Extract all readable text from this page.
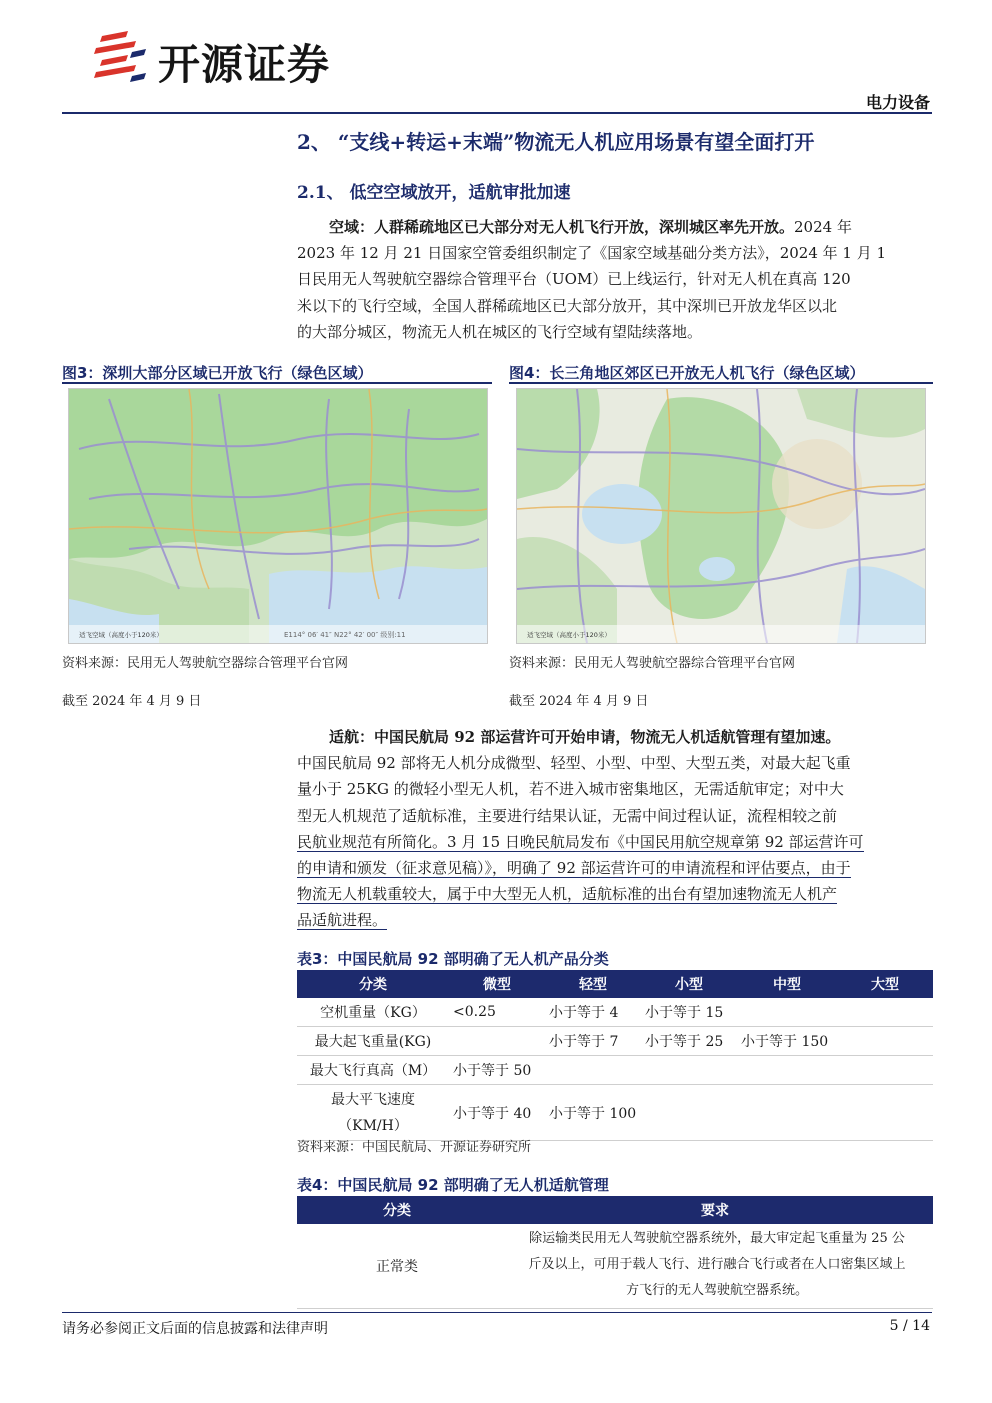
开源证券
电力设备
2、 “支线+转运+末端”物流无人机应用场景有望全面打开
2.1、 低空空域放开，适航审批加速

空域：人群稀疏地区已大部分对无人机飞行开放，深圳城区率先开放。2024 年

2023 年 12 月 21 日国家空管委组织制定了《国家空域基础分类方法》，2024 年 1 月 1

日民用无人驾驶航空器综合管理平台（UOM）已上线运行，针对无人机在真高 120

米以下的飞行空域，全国人群稀疏地区已大部分放开，其中深圳已开放龙华区以北

的大部分城区，物流无人机在城区的飞行空域有望陆续落地。

图3：深圳大部分区域已开放飞行（绿色区域）
适飞空域（高度小于120米）	E114° 06′ 41″ N22° 42′ 00″ 级别:11
资料来源：民用无人驾驶航空器综合管理平台官网
截至 2024 年 4 月 9 日
图4：长三角地区郊区已开放无人机飞行（绿色区域）
适飞空域（高度小于120米）
资料来源：民用无人驾驶航空器综合管理平台官网
截至 2024 年 4 月 9 日

适航：中国民航局 92 部运营许可开始申请，物流无人机适航管理有望加速。

中国民航局 92 部将无人机分成微型、轻型、小型、中型、大型五类，对最大起飞重

量小于 25KG 的微轻小型无人机，若不进入城市密集地区，无需适航审定；对中大

型无人机规范了适航标准，主要进行结果认证，无需中间过程认证，流程相较之前

民航业规范有所简化。3 月 15 日晚民航局发布《中国民用航空规章第 92 部运营许可

的申请和颁发（征求意见稿）》，明确了 92 部运营许可的申请流程和评估要点，由于

物流无人机载重较大，属于中大型无人机，适航标准的出台有望加速物流无人机产

品适航进程。

表3：中国民航局 92 部明确了无人机产品分类
分类	微型	轻型	小型	中型	大型
空机重量（KG）	<0.25	小于等于 4	小于等于 15		
最大起飞重量(KG)		小于等于 7	小于等于 25	小于等于 150	
最大飞行真高（M）	小于等于 50				

最大平飞速度
（KM/H）	小于等于 40	小于等于 100			
资料来源：中国民航局、开源证券研究所
表4：中国民航局 92 部明确了无人机适航管理
分类	要求
正常类	除运输类民用无人驾驶航空器系统外，最大审定起飞重量为 25 公
斤及以上，可用于载人飞行、进行融合飞行或者在人口密集区域上
方飞行的无人驾驶航空器系统。
请务必参阅正文后面的信息披露和法律声明	5 / 14
